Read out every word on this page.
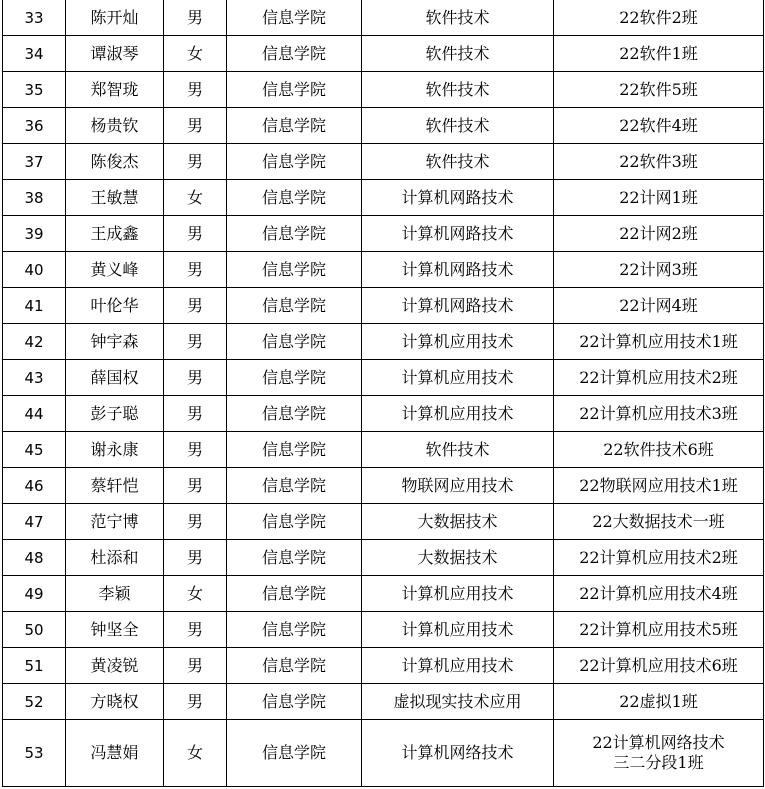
33	陈开灿	男	信息学院	软件技术	22软件2班

34	谭淑琴	女	信息学院	软件技术	22软件1班

35	郑智珑	男	信息学院	软件技术	22软件5班

36	杨贵钦	男	信息学院	软件技术	22软件4班

37	陈俊杰	男	信息学院	软件技术	22软件3班

38	王敏慧	女	信息学院	计算机网路技术	22计网1班

39	王成鑫	男	信息学院	计算机网路技术	22计网2班

40	黄义峰	男	信息学院	计算机网路技术	22计网3班

41	叶伦华	男	信息学院	计算机网路技术	22计网4班

42	钟宇森	男	信息学院	计算机应用技术	22计算机应用技术1班

43	薛国权	男	信息学院	计算机应用技术	22计算机应用技术2班

44	彭子聪	男	信息学院	计算机应用技术	22计算机应用技术3班

45	谢永康	男	信息学院	软件技术	22软件技术6班

46	蔡轩恺	男	信息学院	物联网应用技术	22物联网应用技术1班

47	范宁博	男	信息学院	大数据技术	22大数据技术一班

48	杜添和	男	信息学院	大数据技术	22计算机应用技术2班

49	李颖	女	信息学院	计算机应用技术	22计算机应用技术4班

50	钟坚全	男	信息学院	计算机应用技术	22计算机应用技术5班

51	黄凌锐	男	信息学院	计算机应用技术	22计算机应用技术6班

52	方晓权	男	信息学院	虚拟现实技术应用	22虚拟1班

53	冯慧娟	女	信息学院	计算机网络技术	22计算机网络技术
三二分段1班
